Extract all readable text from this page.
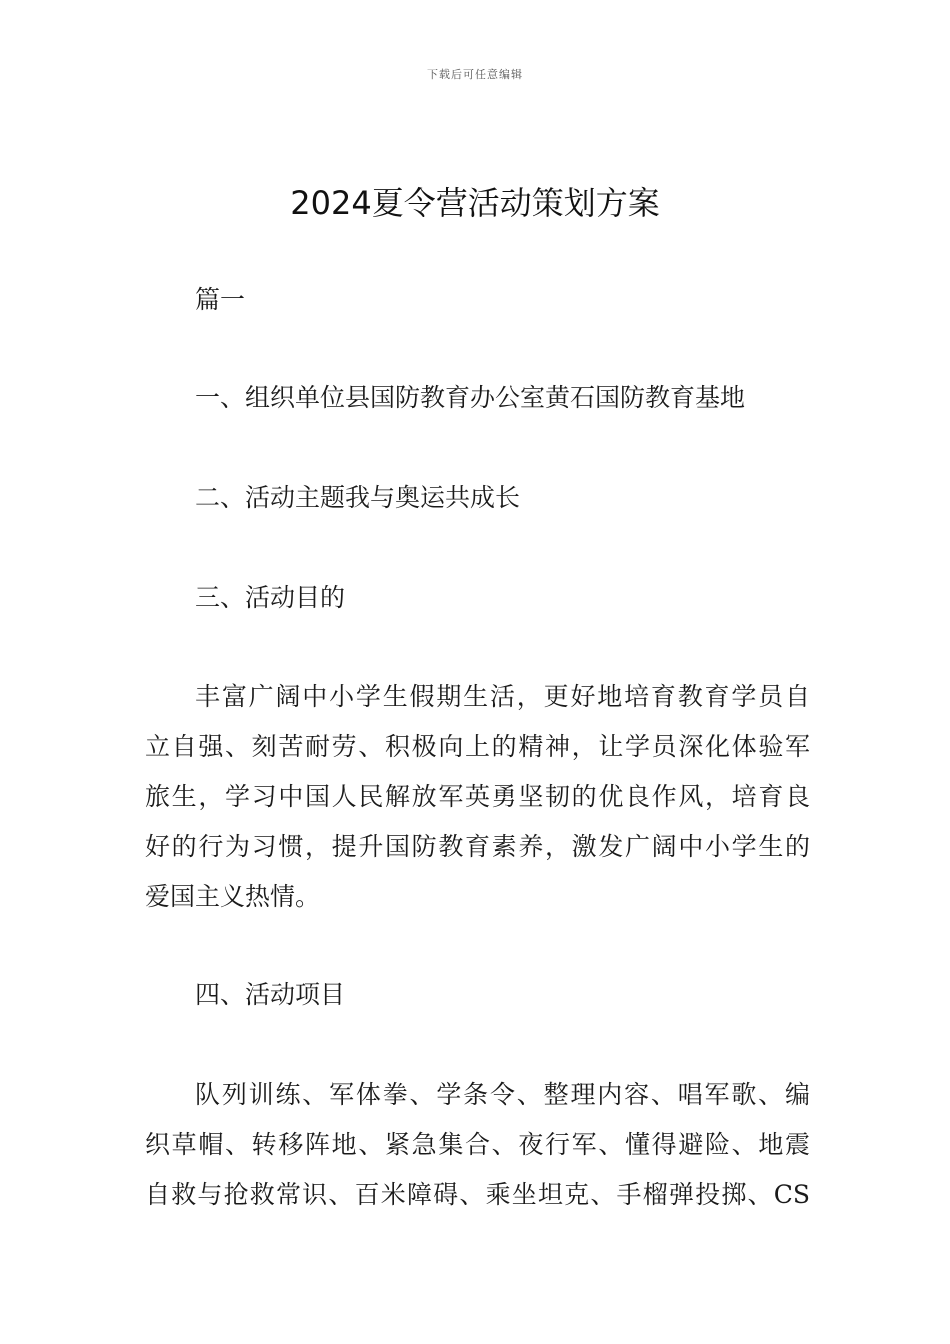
下载后可任意编辑
2024夏令营活动策划方案
篇一
一、组织单位县国防教育办公室黄石国防教育基地
二、活动主题我与奥运共成长
三、活动目的
丰富广阔中小学生假期生活，更好地培育教育学员自
立自强、刻苦耐劳、积极向上的精神，让学员深化体验军
旅生，学习中国人民解放军英勇坚韧的优良作风，培育良
好的行为习惯，提升国防教育素养，激发广阔中小学生的
爱国主义热情。
四、活动项目
队列训练、军体拳、学条令、整理内容、唱军歌、编
织草帽、转移阵地、紧急集合、夜行军、懂得避险、地震
自救与抢救常识、百米障碍、乘坐坦克、手榴弹投掷、CS
